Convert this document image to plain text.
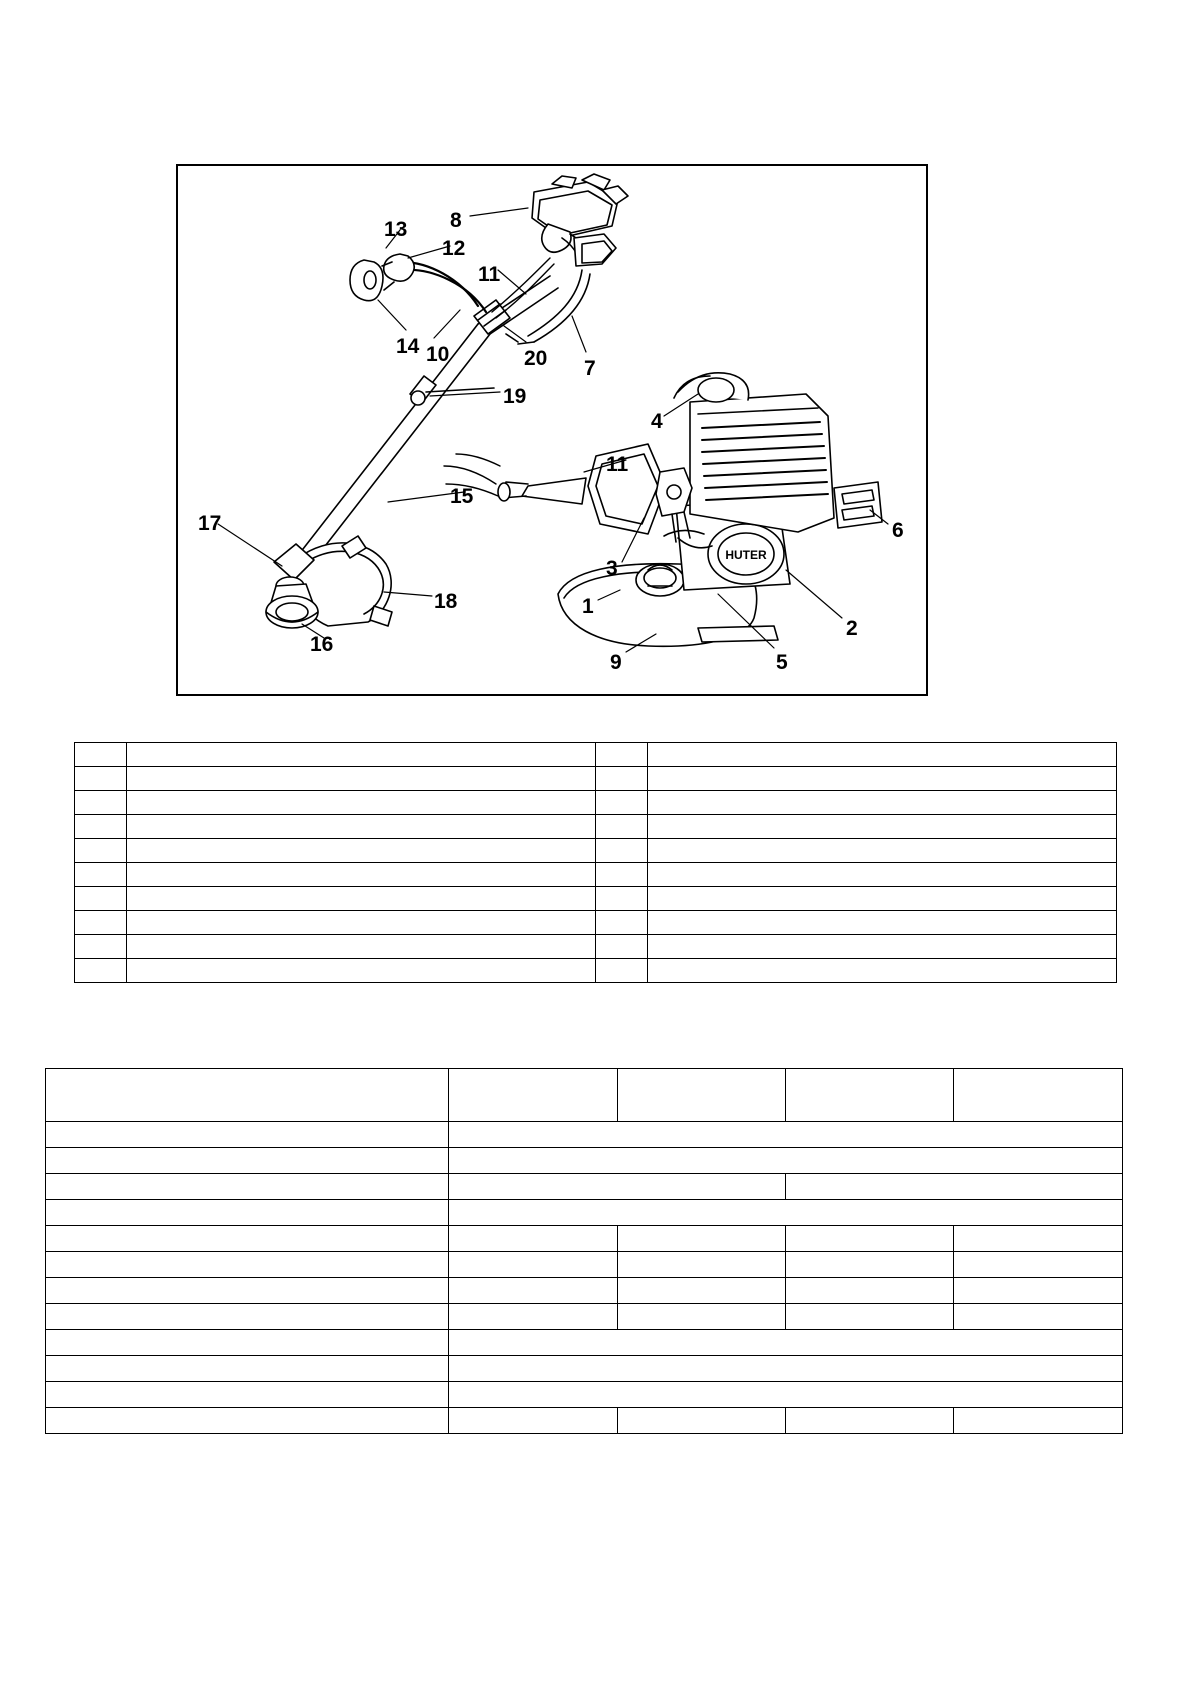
HUTER
13 8
12
11
14 10	20 7
19
4
11
15
6
17
3
18	1
2
16
9	5
